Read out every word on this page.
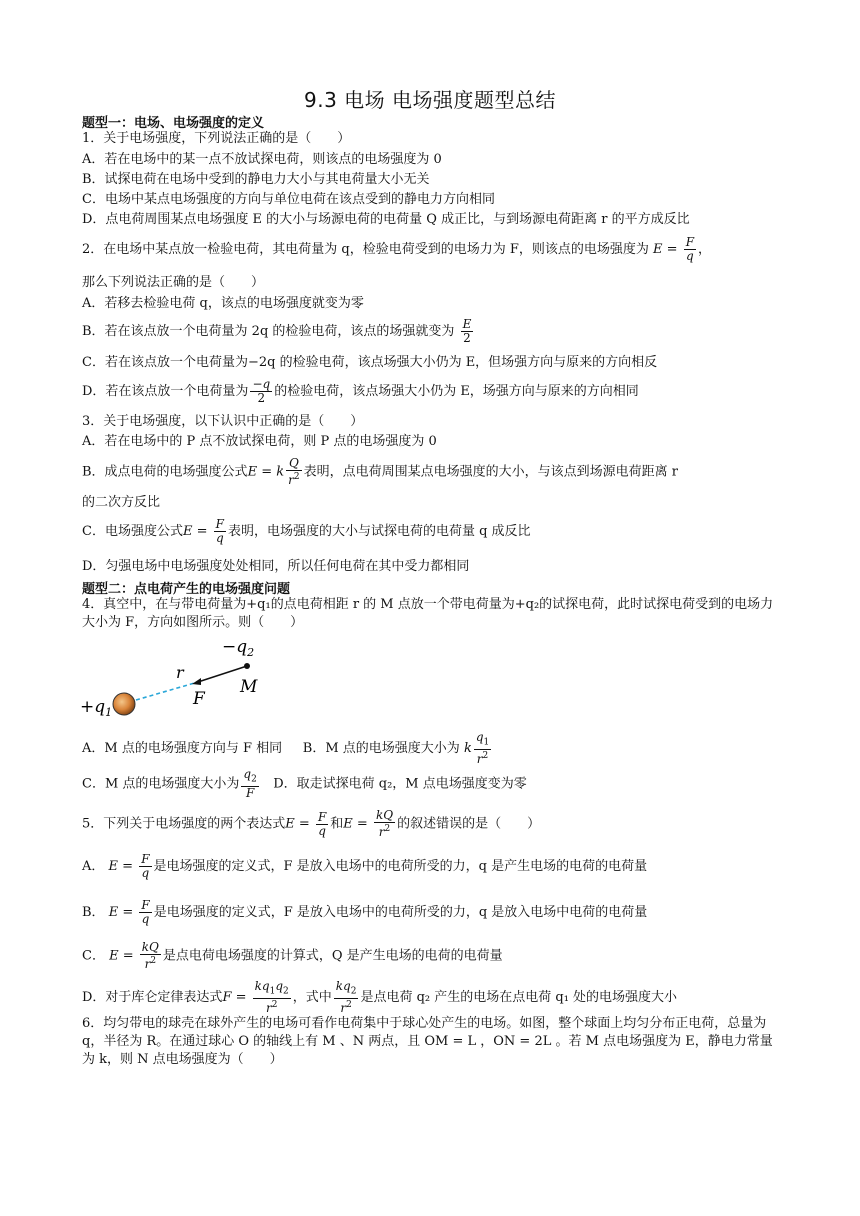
9.3 电场 电场强度题型总结
题型一：电场、电场强度的定义
1．关于电场强度，下列说法正确的是（　　）
A．若在电场中的某一点不放试探电荷，则该点的电场强度为 0
B．试探电荷在电场中受到的静电力大小与其电荷量大小无关
C．电场中某点电场强度的方向与单位电荷在该点受到的静电力方向相同
D．点电荷周围某点电场强度 E 的大小与场源电荷的电荷量 Q 成正比，与到场源电荷距离 r 的平方成反比
2．在电场中某点放一检验电荷，其电荷量为 q，检验电荷受到的电场力为 F，则该点的电场强度为 $E = \frac{F}{q}$ ，
那么下列说法正确的是（　　）
A．若移去检验电荷 q，该点的电场强度就变为零
B．若在该点放一个电荷量为 2q 的检验电荷，该点的场强就变为 $\frac{E}{2}$
C．若在该点放一个电荷量为−2q 的检验电荷，该点场强大小仍为 E，但场强方向与原来的方向相反
D．若在该点放一个电荷量为 $\frac{-q}{2}$ 的检验电荷，该点场强大小仍为 E，场强方向与原来的方向相同
3．关于电场强度，以下认识中正确的是（　　）
A．若在电场中的 P 点不放试探电荷，则 P 点的电场强度为 0
B．成点电荷的电场强度公式E = k $\frac{Q}{r^2}$ 表明，点电荷周围某点电场强度的大小，与该点到场源电荷距离 r
的二次方反比
C．电场强度公式$E = \frac{F}{q}$ 表明，电场强度的大小与试探电荷的电荷量 q 成反比
D．匀强电场中电场强度处处相同，所以任何电荷在其中受力都相同
题型二：点电荷产生的电场强度问题
4．真空中，在与带电荷量为+q₁的点电荷相距 r 的 M 点放一个带电荷量为+q₂的试探电荷，此时试探电荷受到的电场力大小为 F，方向如图所示。则（　　）
$-q_2$
r
F
M
$+q_1$
A．M 点的电场强度方向与 F 相同 B．M 点的电场强度大小为 k $\frac{q_1}{r^2}$
C．M 点的电场强度大小为 $\frac{q_2}{F}$ D．取走试探电荷 q₂，M 点电场强度变为零
5．下列关于电场强度的两个表达式$E = \frac{F}{q}$ 和$E = \frac{kQ}{r^2}$ 的叙述错误的是（　　）
A． $E = \frac{F}{q}$ 是电场强度的定义式，F 是放入电场中的电荷所受的力，q 是产生电场的电荷的电荷量
B． $E = \frac{F}{q}$ 是电场强度的定义式，F 是放入电场中的电荷所受的力，q 是放入电场中电荷的电荷量
C． $E = \frac{kQ}{r^2}$ 是点电荷电场强度的计算式，Q 是产生电场的电荷的电荷量
D．对于库仑定律表达式$F = \frac{kq_1q_2}{r^2}$ ，式中 $\frac{kq_2}{r^2}$ 是点电荷 q₂ 产生的电场在点电荷 q₁ 处的电场强度大小
6．均匀带电的球壳在球外产生的电场可看作电荷集中于球心处产生的电场。如图，整个球面上均匀分布正电荷，总量为 q，半径为 R。在通过球心 O 的轴线上有 M 、N 两点，且 OM = L ，ON = 2L 。若 M 点电场强度为 E，静电力常量为 k，则 N 点电场强度为（　　）
